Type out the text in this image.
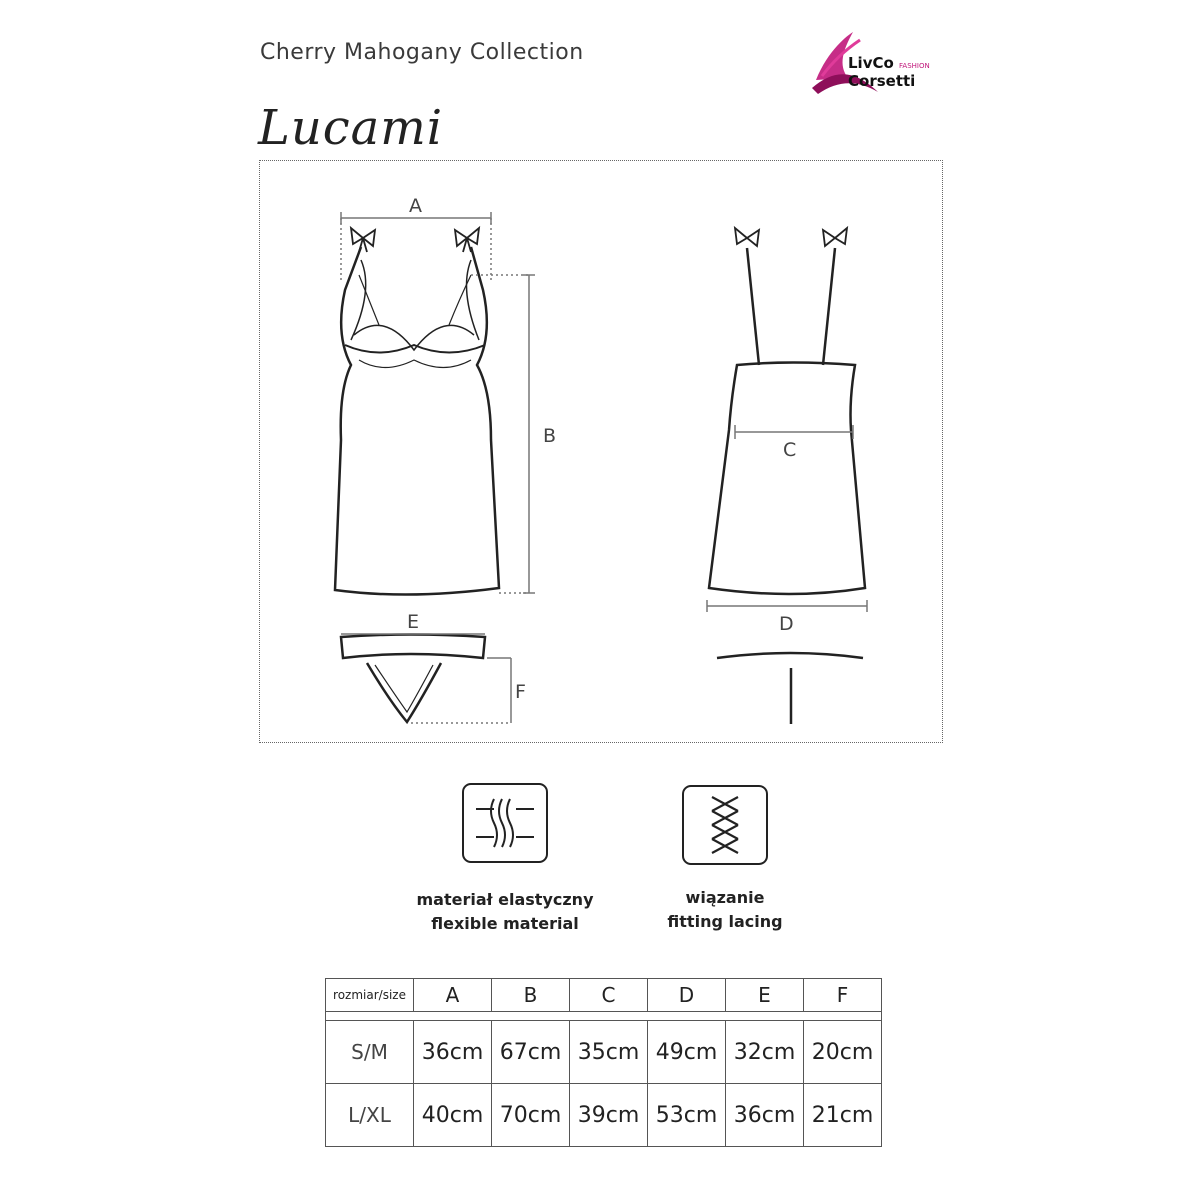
Cherry Mahogany Collection
Lucami
LivCo FASHION
Corsetti
A
B
E
F
C
D
materiał elastyczny
flexible material
wiązanie
fitting lacing
rozmiar/size	A	B	C	D	E	F

S/M	36cm	67cm	35cm	49cm	32cm	20cm
L/XL	40cm	70cm	39cm	53cm	36cm	21cm
